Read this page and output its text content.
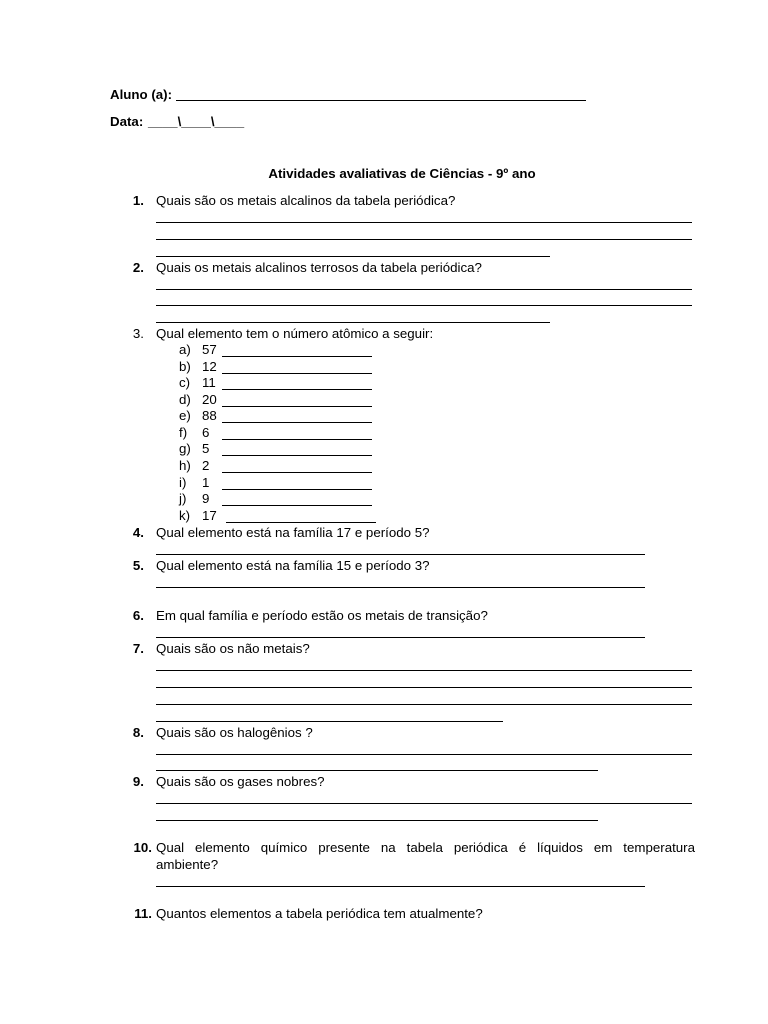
Aluno (a):
Data: ____\____\____
Atividades avaliativas de Ciências - 9º ano
1. Quais são os metais alcalinos da tabela periódica?
2. Quais os metais alcalinos terrosos da tabela periódica?
3. Qual elemento tem o número atômico a seguir:
a) 57
b) 12
c) 11
d) 20
e) 88
f) 6
g) 5
h) 2
i) 1
j) 9
k) 17
4. Qual elemento está na família 17 e período 5?
5. Qual elemento está na família 15 e período 3?
6. Em qual família e período estão os metais de transição?
7. Quais são os não metais?
8. Quais são os halogênios ?
9. Quais são os gases nobres?
10. Qual elemento químico presente na tabela periódica é líquidos em temperatura
ambiente?
11. Quantos elementos a tabela periódica tem atualmente?
